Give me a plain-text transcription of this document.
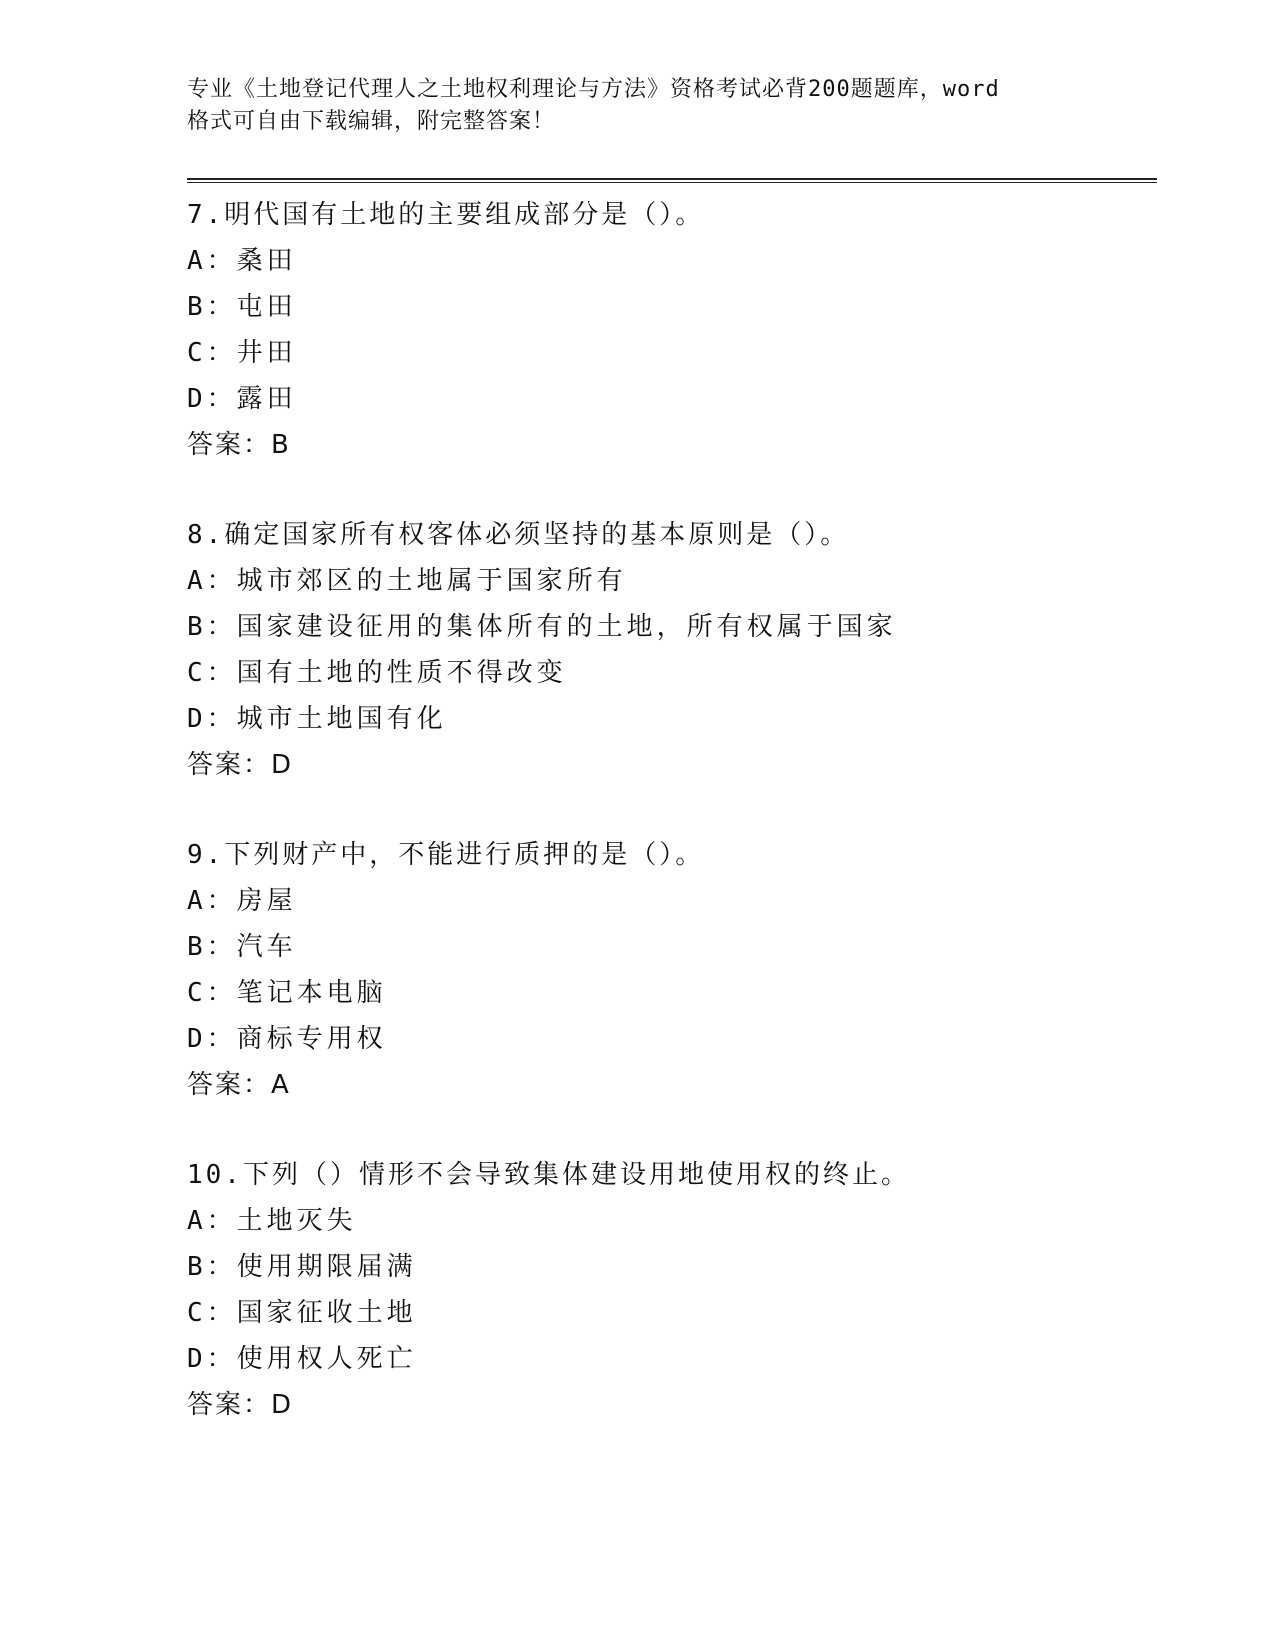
专业《土地登记代理人之土地权利理论与方法》资格考试必背200题题库，word
格式可自由下载编辑，附完整答案！
7.明代国有土地的主要组成部分是（）。
A：桑田
B：屯田
C：井田
D：露田
答案：B
8.确定国家所有权客体必须坚持的基本原则是（）。
A：城市郊区的土地属于国家所有
B：国家建设征用的集体所有的土地，所有权属于国家
C：国有土地的性质不得改变
D：城市土地国有化
答案：D
9.下列财产中，不能进行质押的是（）。
A：房屋
B：汽车
C：笔记本电脑
D：商标专用权
答案：A
10.下列（）情形不会导致集体建设用地使用权的终止。
A：土地灭失
B：使用期限届满
C：国家征收土地
D：使用权人死亡
答案：D
